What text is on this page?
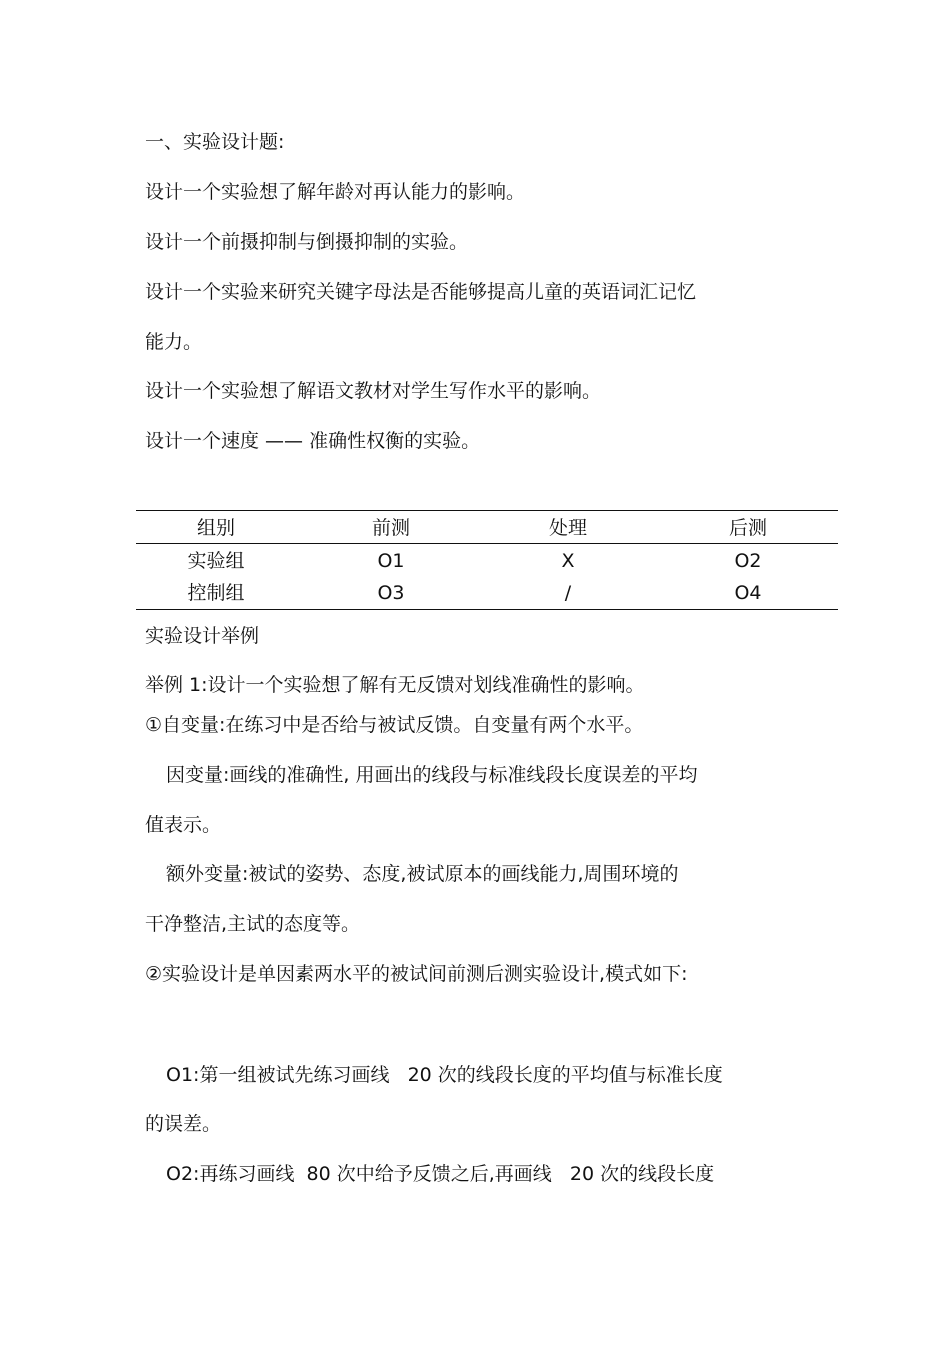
一、实验设计题:
设计一个实验想了解年龄对再认能力的影响。
设计一个前摄抑制与倒摄抑制的实验。
设计一个实验来研究关键字母法是否能够提高儿童的英语词汇记忆
能力。
设计一个实验想了解语文教材对学生写作水平的影响。
设计一个速度 —— 准确性权衡的实验。
组别	前测	处理	后测
实验组	O1	X	O2
控制组	O3	/	O4
实验设计举例
举例 1:设计一个实验想了解有无反馈对划线准确性的影响。
①自变量:在练习中是否给与被试反馈。自变量有两个水平。
因变量:画线的准确性, 用画出的线段与标准线段长度误差的平均
值表示。
额外变量:被试的姿势、态度,被试原本的画线能力,周围环境的
干净整洁,主试的态度等。
②实验设计是单因素两水平的被试间前测后测实验设计,模式如下:
O1:第一组被试先练习画线   20 次的线段长度的平均值与标准长度
的误差。
O2:再练习画线  80 次中给予反馈之后,再画线   20 次的线段长度
